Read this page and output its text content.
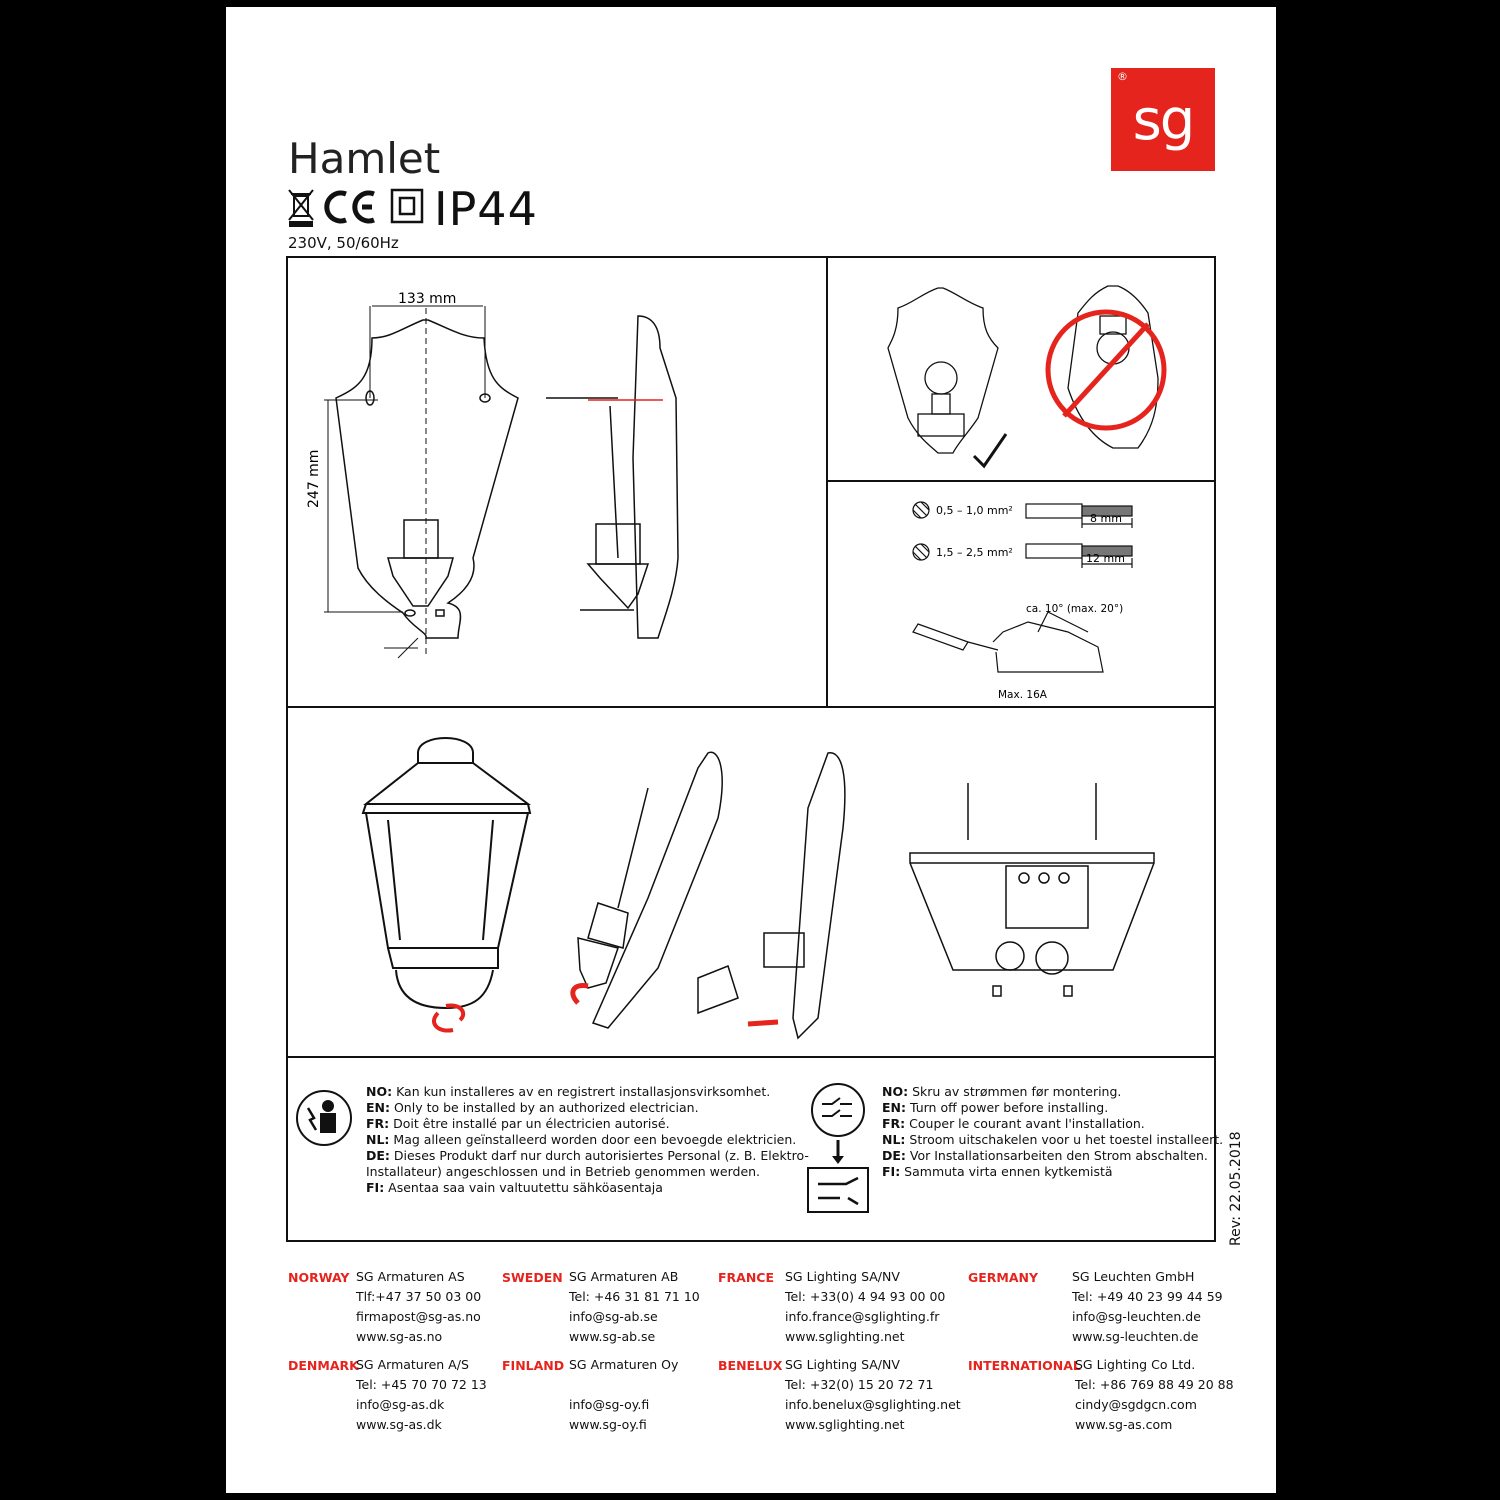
Hamlet
IP44
230V, 50/60Hz
®
sg
133 mm
247 mm
0,5 – 1,0 mm²
8 mm
1,5 – 2,5 mm²	12 mm
ca. 10° (max. 20°)
Max. 16A
NO: Kan kun installeres av en registrert installasjonsvirksomhet.
EN: Only to be installed by an authorized electrician.
FR: Doit être installé par un électricien autorisé.
NL: Mag alleen geïnstalleerd worden door een bevoegde elektricien.
DE: Dieses Produkt darf nur durch autorisiertes Personal (z. B. Elektro-
Installateur) angeschlossen und in Betrieb genommen werden.
FI: Asentaa saa vain valtuutettu sähköasentaja
NO: Skru av strømmen før montering.
EN: Turn off power before installing.
FR: Couper le courant avant l'installation.
NL: Stroom uitschakelen voor u het toestel installeert.
DE: Vor Installationsarbeiten den Strom abschalten.
FI: Sammuta virta ennen kytkemistä	Rev: 22.05.2018
NORWAY SG Armaturen AS
Tlf:+47 37 50 03 00
firmapost@sg-as.no
www.sg-as.no
SWEDEN SG Armaturen AB
Tel: +46 31 81 71 10
info@sg-ab.se
www.sg-ab.se
FRANCE SG Lighting SA/NV
Tel: +33(0) 4 94 93 00 00
info.france@sglighting.fr
www.sglighting.net
GERMANY	SG Leuchten GmbH
Tel: +49 40 23 99 44 59
info@sg-leuchten.de
www.sg-leuchten.de
DENMARK
SG Armaturen A/S
Tel: +45 70 70 72 13
info@sg-as.dk
www.sg-as.dk
FINLAND SG Armaturen Oy
info@sg-oy.fi
www.sg-oy.fi
BENELUX SG Lighting SA/NV
Tel: +32(0) 15 20 72 71
info.benelux@sglighting.net
www.sglighting.net
INTERNATIONAL
SG Lighting Co Ltd.
Tel: +86 769 88 49 20 88
cindy@sgdgcn.com
www.sg-as.com
